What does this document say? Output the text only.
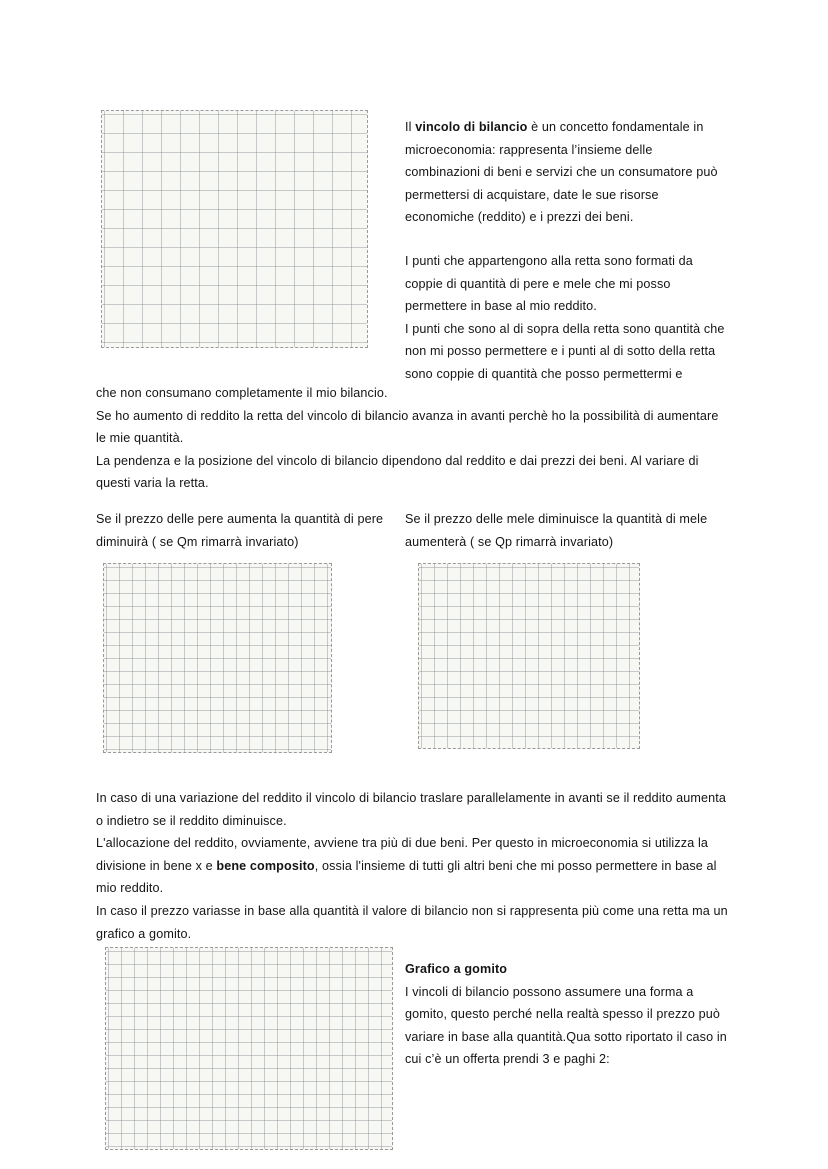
Il vincolo di bilancio è un concetto fondamentale in microeconomia: rappresenta l’insieme delle combinazioni di beni e servizi che un consumatore può permettersi di acquistare, date le sue risorse economiche (reddito) e i prezzi dei beni.

I punti che appartengono alla retta sono formati da coppie di quantità di pere e mele che mi posso permettere in base al mio reddito.

I punti che sono al di sopra della retta sono quantità che non mi posso permettere e i punti al di sotto della retta sono coppie di quantità che posso permettermi e

che non consumano completamente il mio bilancio.

Se ho aumento di reddito la retta del vincolo di bilancio avanza in avanti perchè ho la possibilità di aumentare le mie quantità.

La pendenza e la posizione del vincolo di bilancio dipendono dal reddito e dai prezzi dei beni. Al variare di questi varia la retta.

Se il prezzo delle pere aumenta la quantità di pere diminuirà ( se Qm rimarrà invariato)

Se il prezzo delle mele diminuisce la quantità di mele aumenterà ( se Qp rimarrà invariato)

In caso di una variazione del reddito il vincolo di bilancio traslare parallelamente in avanti se il reddito aumenta o indietro se il reddito diminuisce.

L'allocazione del reddito, ovviamente, avviene tra più di due beni. Per questo in microeconomia si utilizza la divisione in bene x e bene composito, ossia l'insieme di tutti gli altri beni che mi posso permettere in base al mio reddito.

In caso il prezzo variasse in base alla quantità il valore di bilancio non si rappresenta più come una retta ma un grafico a gomito.

Grafico a gomito

I vincoli di bilancio possono assumere una forma a gomito, questo perché nella realtà spesso il prezzo può variare in base alla quantità.Qua sotto riportato il caso in cui c’è un offerta prendi 3 e paghi 2:
